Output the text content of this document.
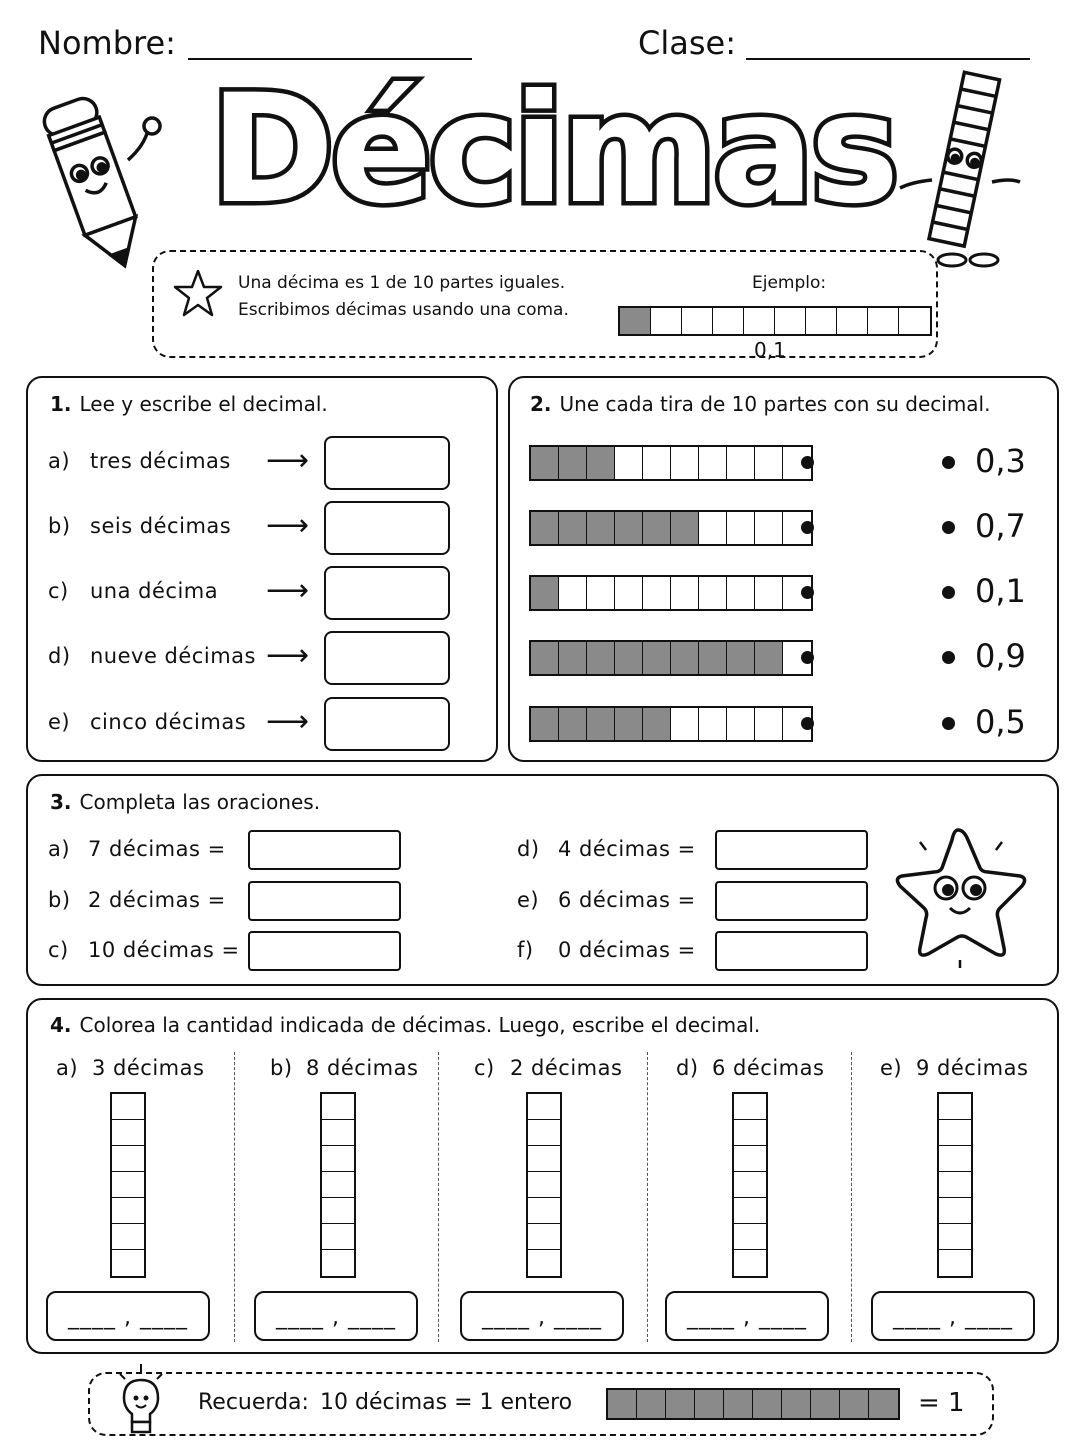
Nombre:	Clase:
Décimas
Una décima es 1 de 10 partes iguales.
Escribimos décimas usando una coma.
Ejemplo:
0,1
1. Lee y escribe el decimal.
a) tres décimas ⟶
b) seis décimas ⟶
c) una décima ⟶
d) nueve décimas ⟶
e) cinco décimas ⟶
2. Une cada tira de 10 partes con su decimal.
0,3
0,7
0,1
0,9
0,5
3. Completa las oraciones.
a) 7 décimas =
b) 2 décimas =
c) 10 décimas =
d) 4 décimas =
e) 6 décimas =
f) 0 décimas =
4. Colorea la cantidad indicada de décimas. Luego, escribe el decimal.
a) 3 décimas
____ , ____
b) 8 décimas
____ , ____
c) 2 décimas
____ , ____
d) 6 décimas
____ , ____
e) 9 décimas
____ , ____
Recuerda: 10 décimas = 1 entero	= 1
